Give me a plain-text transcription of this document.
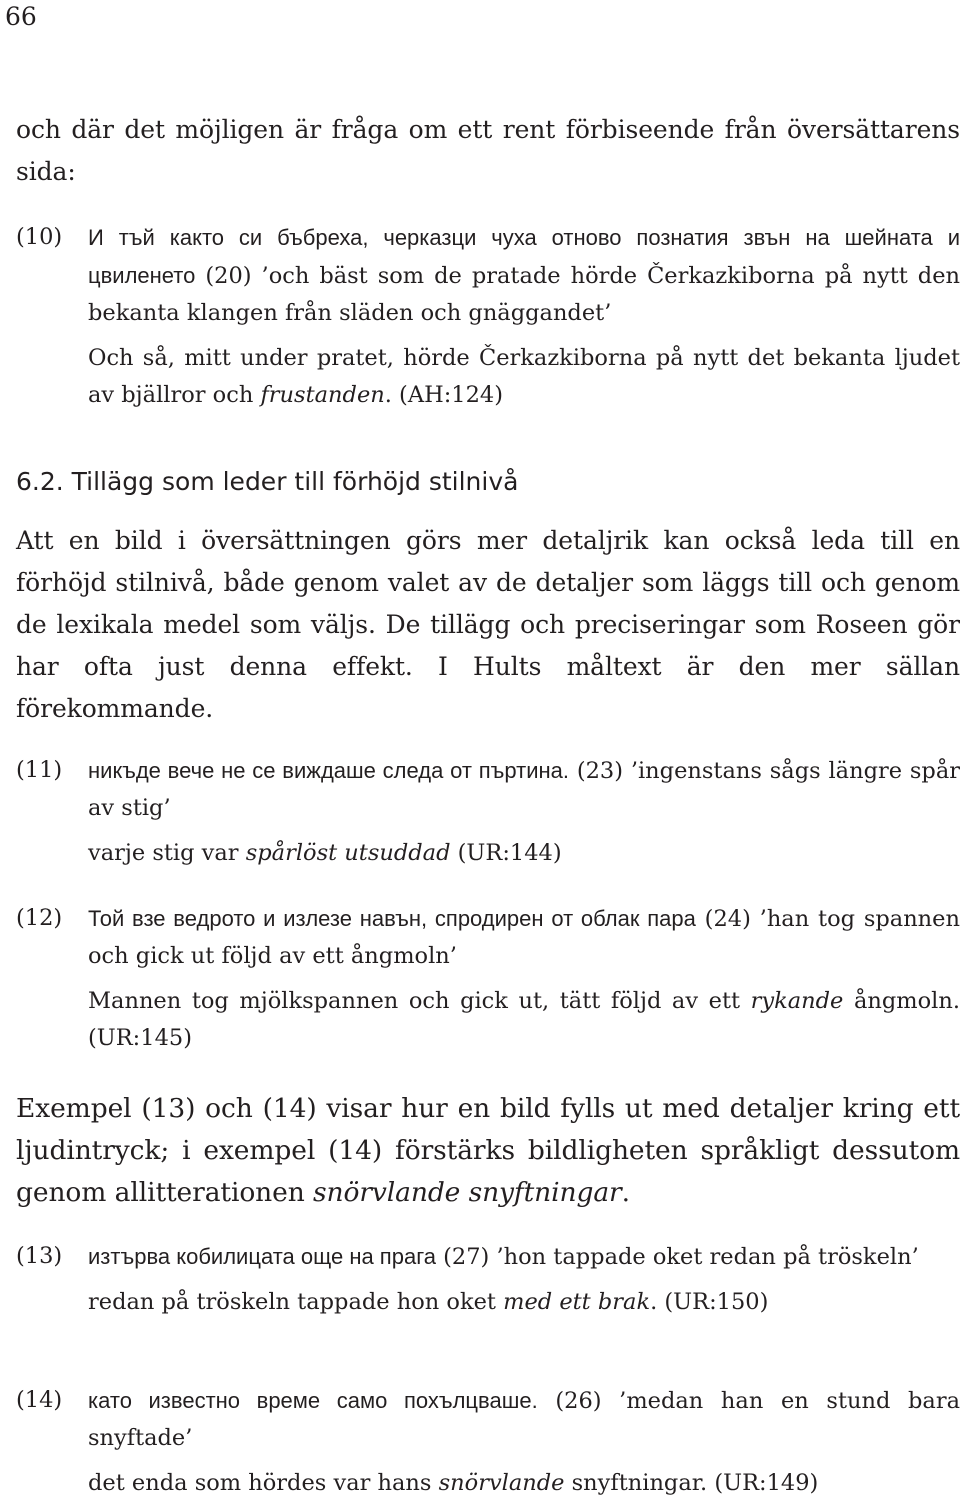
66
och där det möjligen är fråga om ett rent förbiseende från översättarens
sida:
(10) И тъй както си бъбреха, черказци чуха отново познатия звън на шейната и цвиленето (20) ’och bäst som de pratade hörde Čerkazkiborna på nytt den bekanta klangen från släden och gnäggandet’
Och så, mitt under pratet, hörde Čerkazkiborna på nytt det bekanta ljudet av bjällror och frustanden. (AH:124)
6.2. Tillägg som leder till förhöjd stilnivå
Att en bild i översättningen görs mer detaljrik kan också leda till en förhöjd stilnivå, både genom valet av de detaljer som läggs till och genom de lexikala medel som väljs. De tillägg och preciseringar som Roseen gör har ofta just denna effekt. I Hults måltext är den mer sällan förekommande.
(11) никъде вече не се виждаше следа от пъртина. (23) ’ingenstans sågs längre spår av stig’
varje stig var spårlöst utsuddad (UR:144)
(12) Той взе ведрото и излезе навън, спродирен от облак пара (24) ’han tog spannen och gick ut följd av ett ångmoln’
Mannen tog mjölkspannen och gick ut, tätt följd av ett rykande ångmoln. (UR:145)
Exempel (13) och (14) visar hur en bild fylls ut med detaljer kring ett ljudintryck; i exempel (14) förstärks bildligheten språkligt dessutom genom allitterationen snörvlande snyftningar.
(13) изтърва кобилицата още на прага (27) ’hon tappade oket redan på tröskeln’
redan på tröskeln tappade hon oket med ett brak. (UR:150)
(14) като известно време само похълцваше. (26) ’medan han en stund bara snyftade’
det enda som hördes var hans snörvlande snyftningar. (UR:149)
